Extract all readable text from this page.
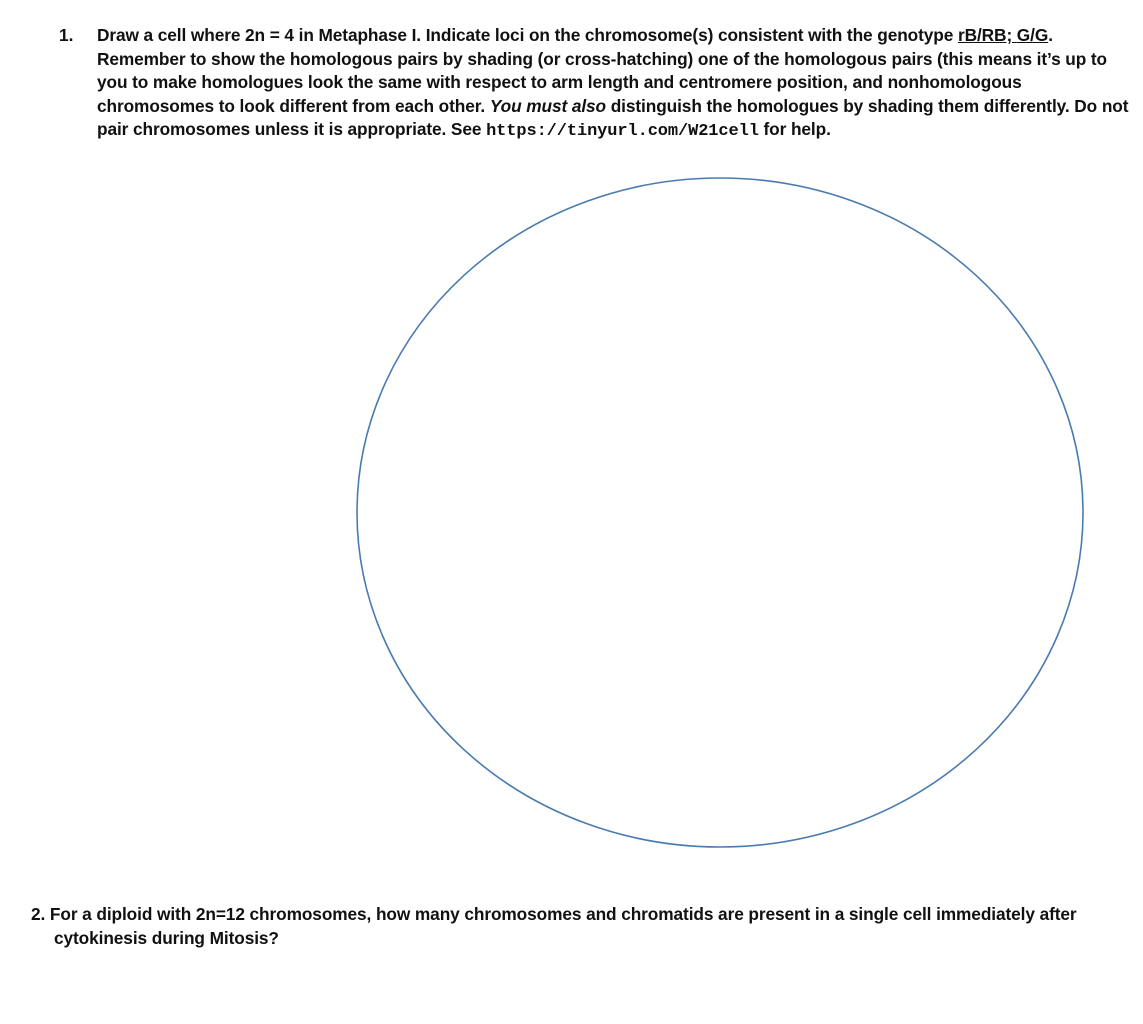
1.	Draw a cell where 2n = 4 in Metaphase I. Indicate loci on the chromosome(s) consistent with the genotype rB/RB; G/G. Remember to show the homologous pairs by shading (or cross-hatching) one of the homologous pairs (this means it’s up to you to make homologues look the same with respect to arm length and centromere position, and nonhomologous chromosomes to look different from each other. You must also distinguish the homologues by shading them differently. Do not pair chromosomes unless it is appropriate. See https://tinyurl.com/W21cell for help.
2. For a diploid with 2n=12 chromosomes, how many chromosomes and chromatids are present in a single cell immediately after
cytokinesis during Mitosis?
